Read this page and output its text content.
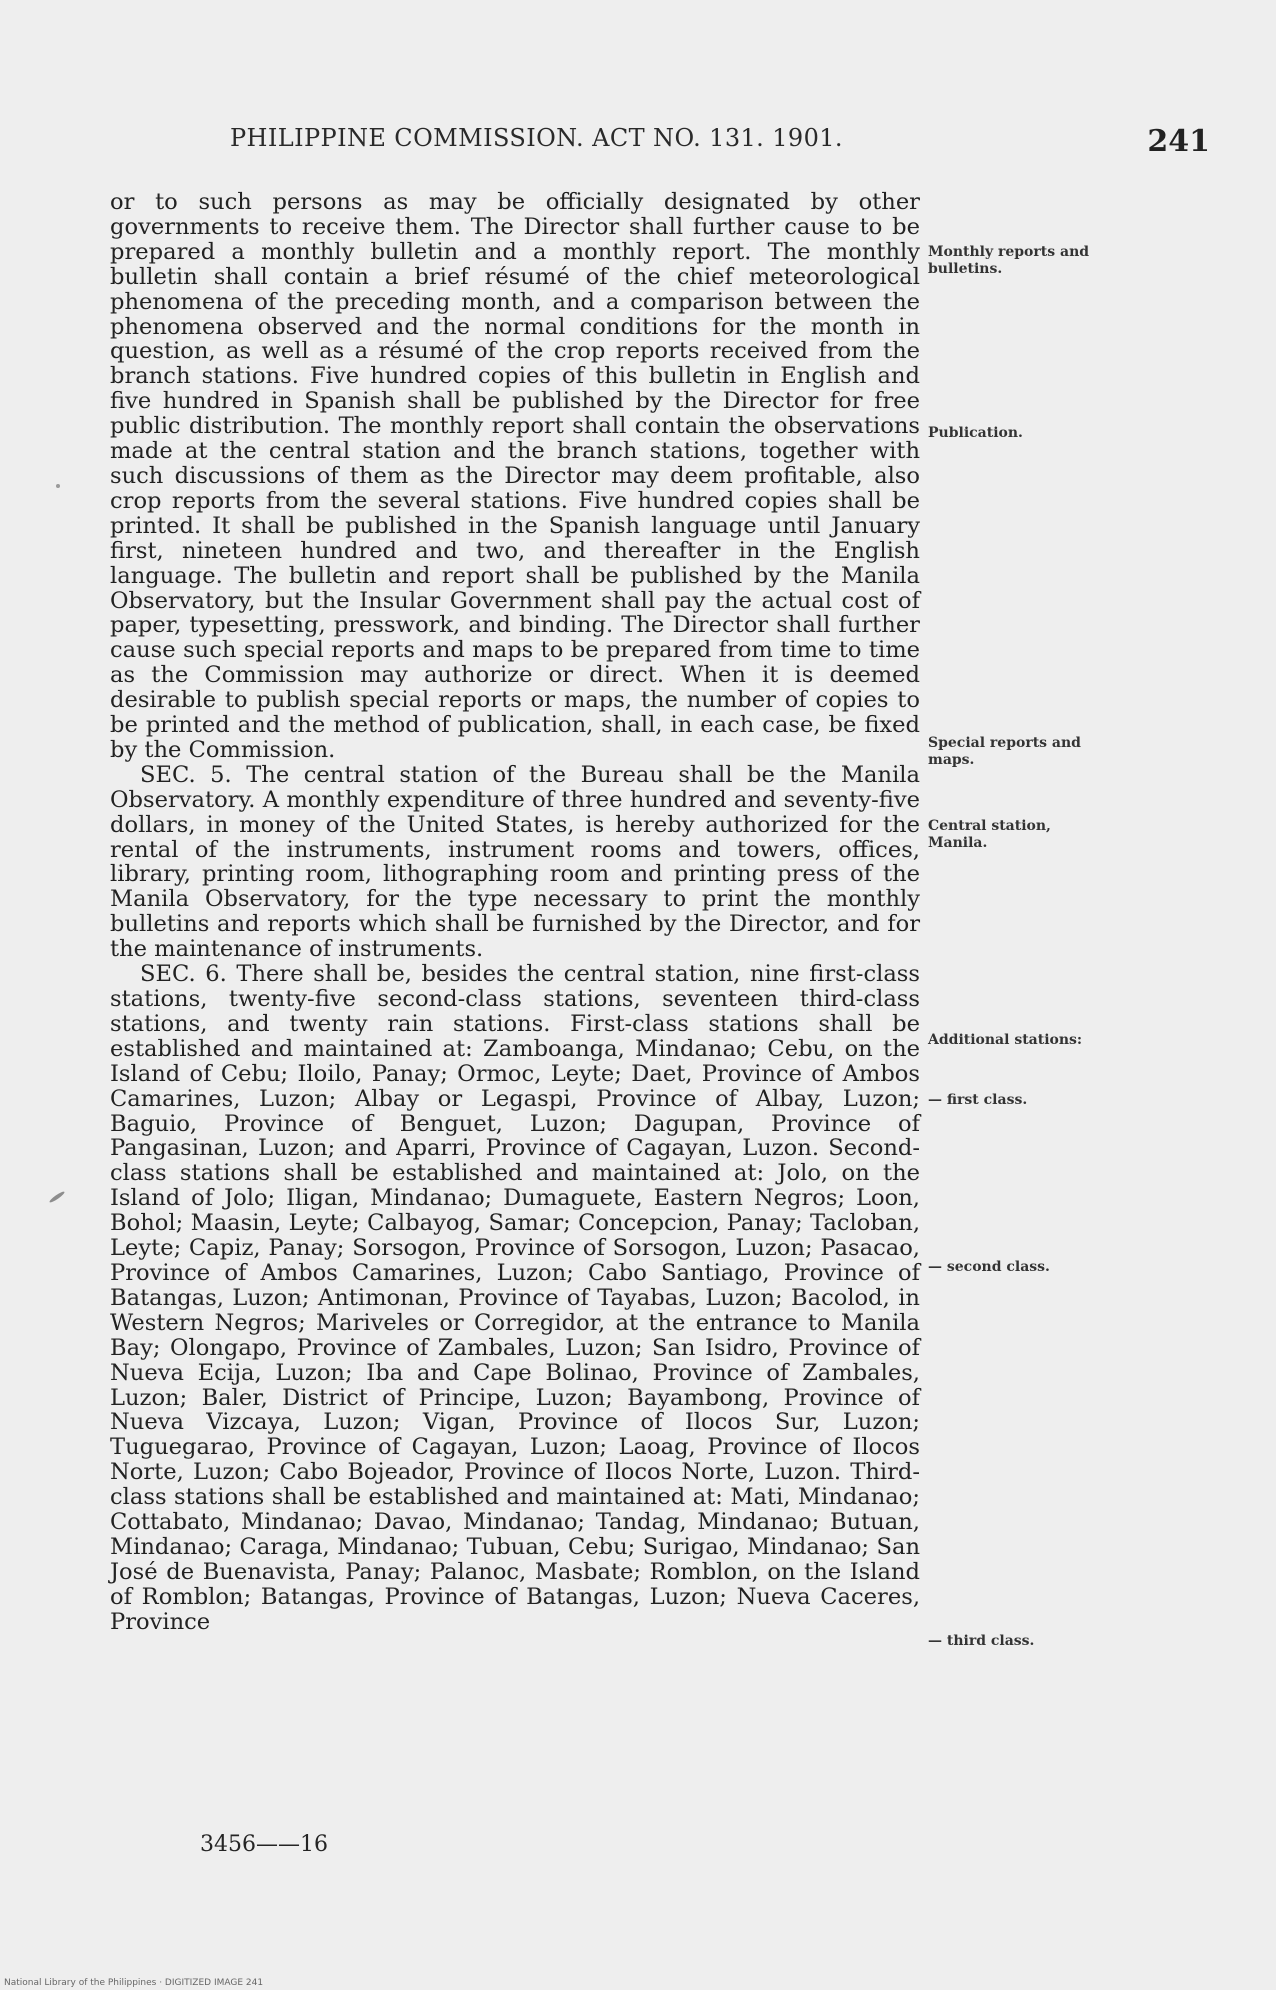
PHILIPPINE COMMISSION. ACT NO. 131. 1901.	241

or to such persons as may be officially designated by other governments to receive them. The Director shall further cause to be prepared a monthly bulletin and a monthly report. The monthly bulletin shall contain a brief résumé of the chief meteorological phenomena of the preceding month, and a comparison between the phenomena observed and the normal conditions for the month in question, as well as a résumé of the crop reports received from the branch stations. Five hundred copies of this bulletin in English and five hundred in Spanish shall be published by the Director for free public distribution. The monthly report shall contain the observations made at the central station and the branch stations, together with such discussions of them as the Director may deem profitable, also crop reports from the several stations. Five hundred copies shall be printed. It shall be published in the Spanish language until January first, nineteen hundred and two, and thereafter in the English language. The bulletin and report shall be published by the Manila Observatory, but the Insular Government shall pay the actual cost of paper, typesetting, presswork, and binding. The Director shall further cause such special reports and maps to be prepared from time to time as the Commission may authorize or direct. When it is deemed desirable to publish special reports or maps, the number of copies to be printed and the method of publication, shall, in each case, be fixed by the Commission.

SEC. 5. The central station of the Bureau shall be the Manila Observatory. A monthly expenditure of three hundred and seventy-five dollars, in money of the United States, is hereby authorized for the rental of the instruments, instrument rooms and towers, offices, library, printing room, lithographing room and printing press of the Manila Observatory, for the type necessary to print the monthly bulletins and reports which shall be furnished by the Director, and for the maintenance of instruments.

SEC. 6. There shall be, besides the central station, nine first-class stations, twenty-five second-class stations, seventeen third-class stations, and twenty rain stations. First-class stations shall be established and maintained at: Zamboanga, Mindanao; Cebu, on the Island of Cebu; Iloilo, Panay; Ormoc, Leyte; Daet, Province of Ambos Camarines, Luzon; Albay or Legaspi, Province of Albay, Luzon; Baguio, Province of Benguet, Luzon; Dagupan, Province of Pangasinan, Luzon; and Aparri, Province of Cagayan, Luzon. Second-class stations shall be established and maintained at: Jolo, on the Island of Jolo; Iligan, Mindanao; Dumaguete, Eastern Negros; Loon, Bohol; Maasin, Leyte; Calbayog, Samar; Concepcion, Panay; Tacloban, Leyte; Capiz, Panay; Sorsogon, Province of Sorsogon, Luzon; Pasacao, Province of Ambos Camarines, Luzon; Cabo Santiago, Province of Batangas, Luzon; Antimonan, Province of Tayabas, Luzon; Bacolod, in Western Negros; Mariveles or Corregidor, at the entrance to Manila Bay; Olongapo, Province of Zambales, Luzon; San Isidro, Province of Nueva Ecija, Luzon; Iba and Cape Bolinao, Province of Zambales, Luzon; Baler, District of Principe, Luzon; Bayambong, Province of Nueva Vizcaya, Luzon; Vigan, Province of Ilocos Sur, Luzon; Tuguegarao, Province of Cagayan, Luzon; Laoag, Province of Ilocos Norte, Luzon; Cabo Bojeador, Province of Ilocos Norte, Luzon. Third-class stations shall be established and maintained at: Mati, Mindanao; Cottabato, Mindanao; Davao, Mindanao; Tandag, Mindanao; Butuan, Mindanao; Caraga, Mindanao; Tubuan, Cebu; Surigao, Mindanao; San José de Buenavista, Panay; Palanoc, Masbate; Romblon, on the Island of Romblon; Batangas, Province of Batangas, Luzon; Nueva Caceres, Province

Monthly reports and bulletins.
Publication.
Special reports and maps.
Central station, Manila.
Additional stations:
— first class.
— second class.
— third class.
3456——16
National Library of the Philippines · DIGITIZED IMAGE 241
